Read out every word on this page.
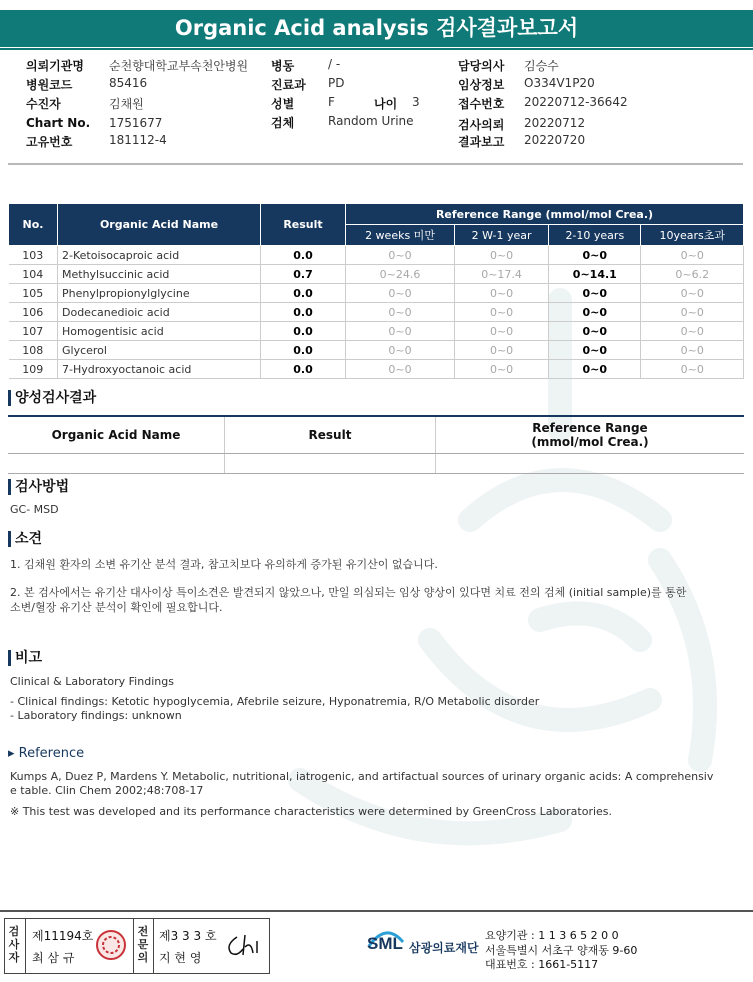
Organic Acid analysis 검사결과보고서
의뢰기관명 순천향대학교부속천안병원
병원코드	85416
수진자	김채원
Chart No. 1751677
고유번호	181112-4
병동	/ -
진료과 PD
성별	F	나이 3
검체	Random Urine
담당의사 김승수
임상정보 O334V1P20
접수번호 20220712-36642
검사의뢰 20220712
결과보고 20220720
No.	Organic Acid Name	Result	Reference Range (mmol/mol Crea.)			
			2 weeks 미만	2 W-1 year	2-10 years	10years초과
103	2-Ketoisocaproic acid	0.0	0~0	0~0	0~0	0~0
104	Methylsuccinic acid	0.7	0~24.6	0~17.4	0~14.1	0~6.2
105	Phenylpropionylglycine	0.0	0~0	0~0	0~0	0~0
106	Dodecanedioic acid	0.0	0~0	0~0	0~0	0~0
107	Homogentisic acid	0.0	0~0	0~0	0~0	0~0
108	Glycerol	0.0	0~0	0~0	0~0	0~0
109	7-Hydroxyoctanoic acid	0.0	0~0	0~0	0~0	0~0
양성검사결과
Organic Acid Name	Result	Reference Range
(mmol/mol Crea.)

검사방법
GC- MSD
소견
1. 김채원 환자의 소변 유기산 분석 결과, 참고치보다 유의하게 증가된 유기산이 없습니다.
2. 본 검사에서는 유기산 대사이상 특이소견은 발견되지 않았으나, 만일 의심되는 임상 양상이 있다면 치료 전의 검체 (initial sample)를 통한
소변/혈장 유기산 분석이 확인에 필요합니다.
비고
Clinical & Laboratory Findings
- Clinical findings: Ketotic hypoglycemia, Afebrile seizure, Hyponatremia, R/O Metabolic disorder
- Laboratory findings: unknown
▸ Reference
Kumps A, Duez P, Mardens Y. Metabolic, nutritional, iatrogenic, and artifactual sources of urinary organic acids: A comprehensiv
e table. Clin Chem 2002;48:708-17
※ This test was developed and its performance characteristics were determined by GreenCross Laboratories.
검
사
자
제11194호
최 삼 규
전
문
의
제3 3 3 호
지 현 영
SML 삼광의료재단
요양기관 : 1 1 3 6 5 2 0 0
서울특별시 서초구 양재동 9-60
대표번호 : 1661-5117
